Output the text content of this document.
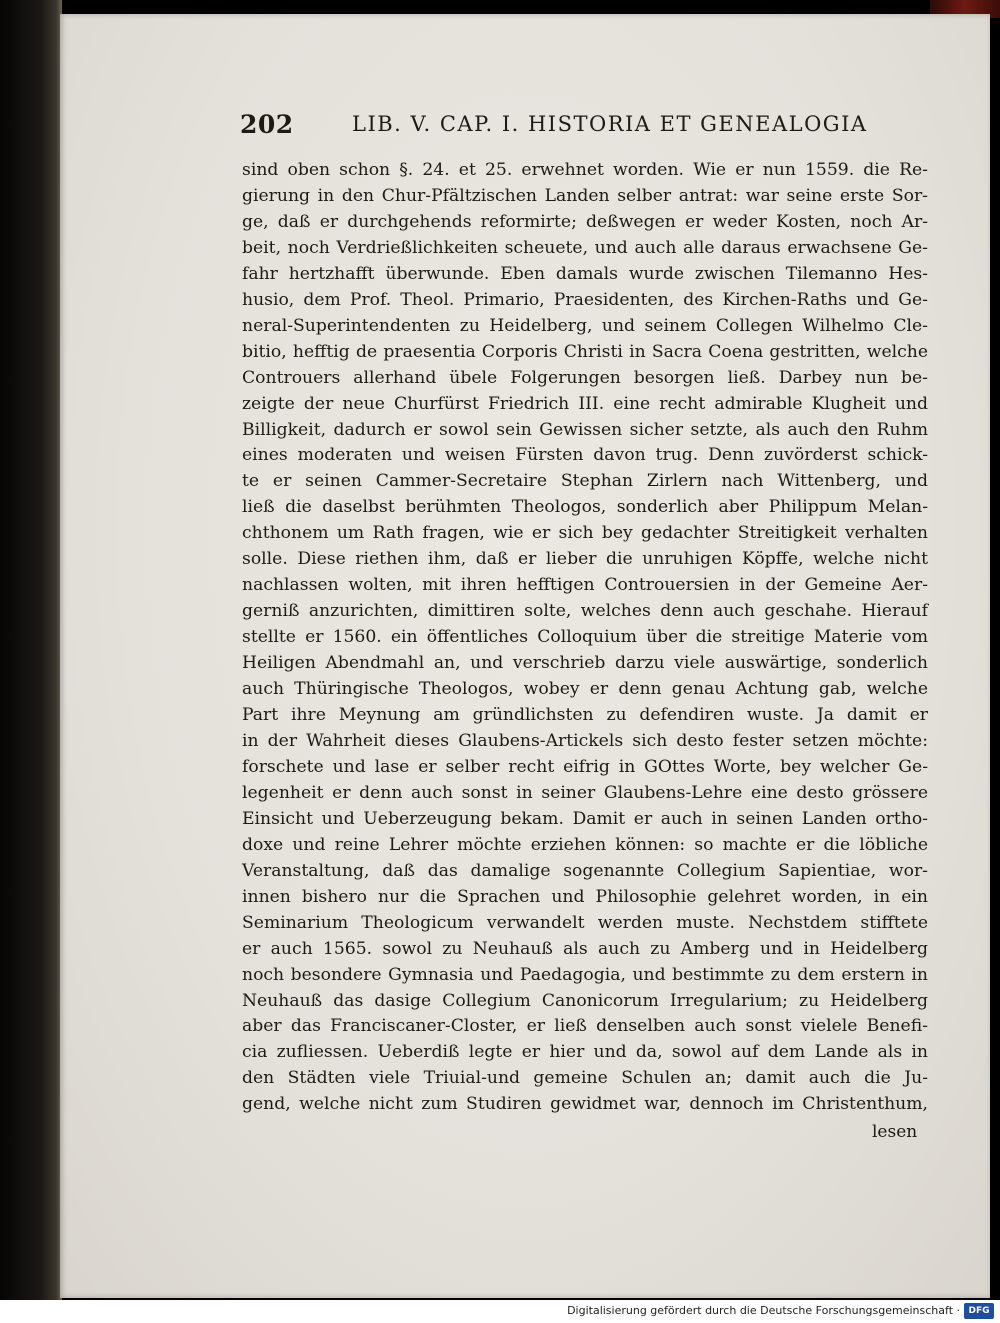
202	LIB. V. CAP. I. HISTORIA ET GENEALOGIA
sind oben schon §. 24. et 25. erwehnet worden. Wie er nun 1559. die Re-
gierung in den Chur-Pfältzischen Landen selber antrat: war seine erste Sor-
ge, daß er durchgehends reformirte; deßwegen er weder Kosten, noch Ar-
beit, noch Verdrießlichkeiten scheuete, und auch alle daraus erwachsene Ge-
fahr hertzhafft überwunde. Eben damals wurde zwischen Tilemanno Hes-
husio, dem Prof. Theol. Primario, Praesidenten, des Kirchen-Raths und Ge-
neral-Superintendenten zu Heidelberg, und seinem Collegen Wilhelmo Cle-
bitio, hefftig de praesentia Corporis Christi in Sacra Coena gestritten, welche
Controuers allerhand übele Folgerungen besorgen ließ. Darbey nun be-
zeigte der neue Churfürst Friedrich III. eine recht admirable Klugheit und
Billigkeit, dadurch er sowol sein Gewissen sicher setzte, als auch den Ruhm
eines moderaten und weisen Fürsten davon trug. Denn zuvörderst schick-
te er seinen Cammer-Secretaire Stephan Zirlern nach Wittenberg, und
ließ die daselbst berühmten Theologos, sonderlich aber Philippum Melan-
chthonem um Rath fragen, wie er sich bey gedachter Streitigkeit verhalten
solle. Diese riethen ihm, daß er lieber die unruhigen Köpffe, welche nicht
nachlassen wolten, mit ihren hefftigen Controuersien in der Gemeine Aer-
gerniß anzurichten, dimittiren solte, welches denn auch geschahe. Hierauf
stellte er 1560. ein öffentliches Colloquium über die streitige Materie vom
Heiligen Abendmahl an, und verschrieb darzu viele auswärtige, sonderlich
auch Thüringische Theologos, wobey er denn genau Achtung gab, welche
Part ihre Meynung am gründlichsten zu defendiren wuste. Ja damit er
in der Wahrheit dieses Glaubens-Artickels sich desto fester setzen möchte:
forschete und lase er selber recht eifrig in GOttes Worte, bey welcher Ge-
legenheit er denn auch sonst in seiner Glaubens-Lehre eine desto grössere
Einsicht und Ueberzeugung bekam. Damit er auch in seinen Landen ortho-
doxe und reine Lehrer möchte erziehen können: so machte er die löbliche
Veranstaltung, daß das damalige sogenannte Collegium Sapientiae, wor-
innen bishero nur die Sprachen und Philosophie gelehret worden, in ein
Seminarium Theologicum verwandelt werden muste. Nechstdem stifftete
er auch 1565. sowol zu Neuhauß als auch zu Amberg und in Heidelberg
noch besondere Gymnasia und Paedagogia, und bestimmte zu dem erstern in
Neuhauß das dasige Collegium Canonicorum Irregularium; zu Heidelberg
aber das Franciscaner-Closter, er ließ denselben auch sonst vielele Benefi-
cia zufliessen. Ueberdiß legte er hier und da, sowol auf dem Lande als in
den Städten viele Triuial-und gemeine Schulen an; damit auch die Ju-
gend, welche nicht zum Studiren gewidmet war, dennoch im Christenthum,
lesen
Digitalisierung gefördert durch die Deutsche Forschungsgemeinschaft · DFG
